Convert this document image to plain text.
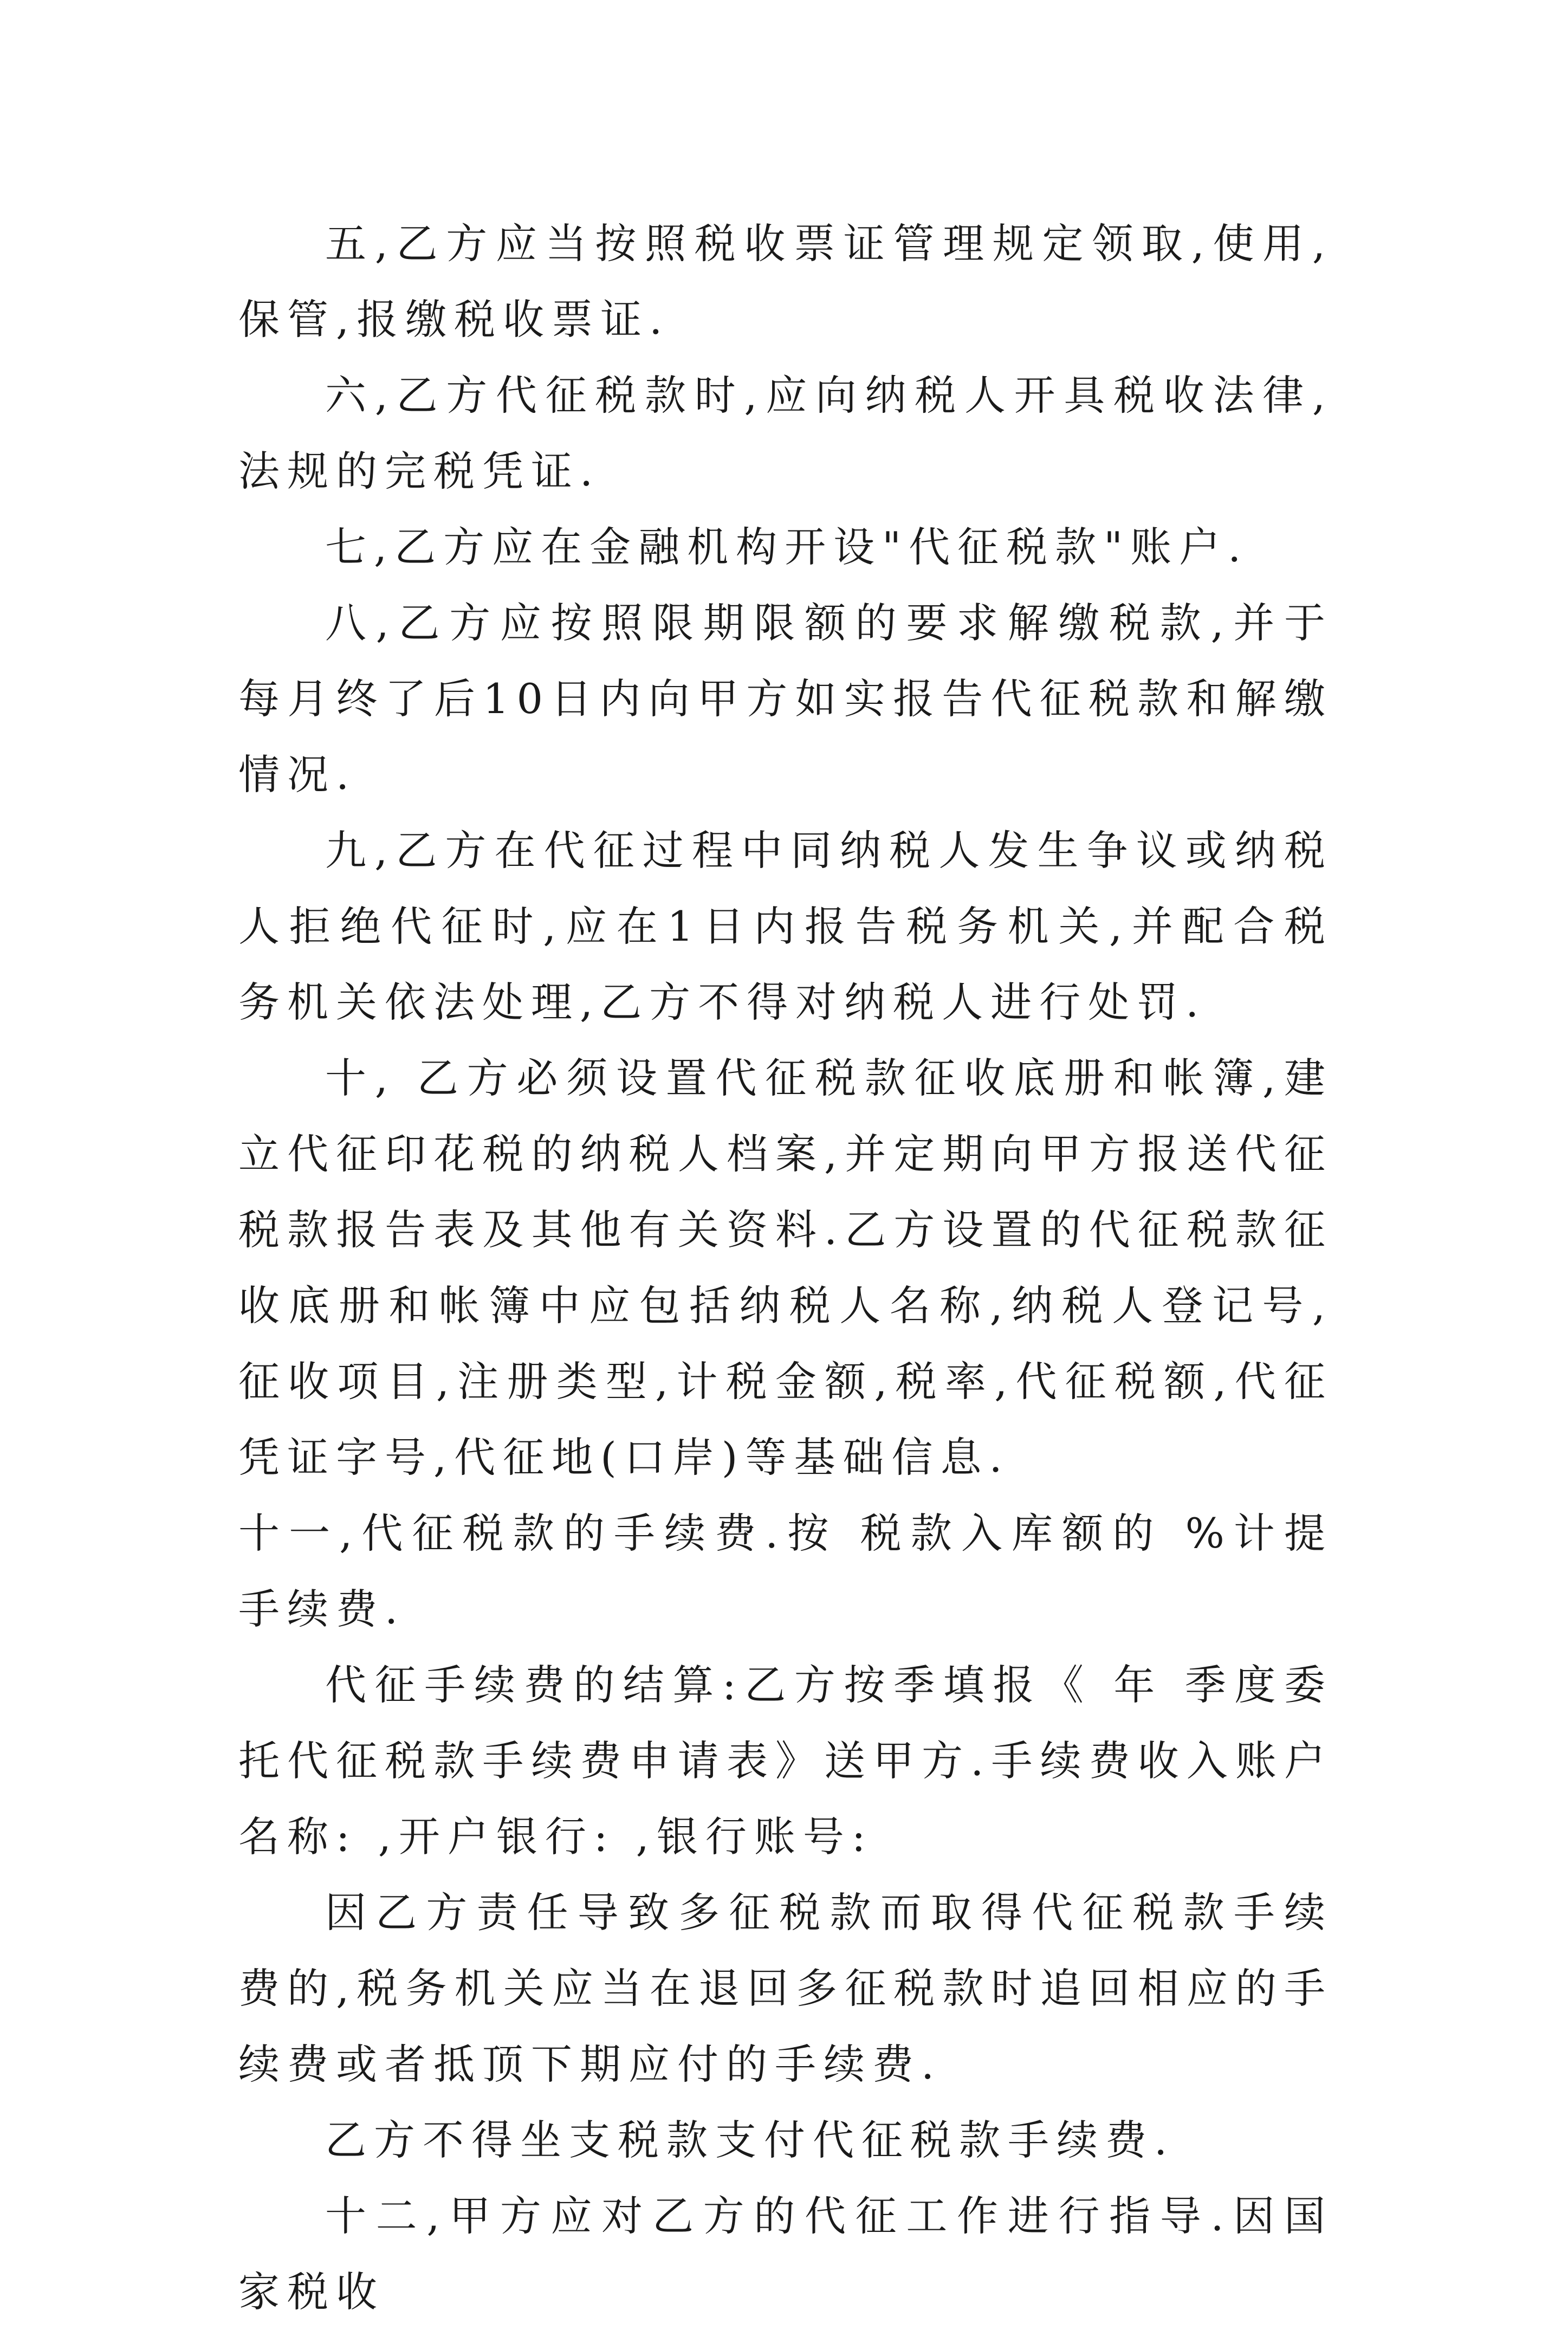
五,乙方应当按照税收票证管理规定领取,使用,保管,报缴税收票证.

六,乙方代征税款时,应向纳税人开具税收法律,法规的完税凭证.

七,乙方应在金融机构开设"代征税款"账户.

八,乙方应按照限期限额的要求解缴税款,并于每月终了后10日内向甲方如实报告代征税款和解缴情况.

九,乙方在代征过程中同纳税人发生争议或纳税人拒绝代征时,应在1日内报告税务机关,并配合税务机关依法处理,乙方不得对纳税人进行处罚.

十, 乙方必须设置代征税款征收底册和帐簿,建立代征印花税的纳税人档案,并定期向甲方报送代征税款报告表及其他有关资料.乙方设置的代征税款征收底册和帐簿中应包括纳税人名称,纳税人登记号,征收项目,注册类型,计税金额,税率,代征税额,代征凭证字号,代征地(口岸)等基础信息.

十一,代征税款的手续费.按 税款入库额的 %计提手续费.

代征手续费的结算:乙方按季填报《 年 季度委托代征税款手续费申请表》送甲方.手续费收入账户名称: ,开户银行: ,银行账号:

因乙方责任导致多征税款而取得代征税款手续费的,税务机关应当在退回多征税款时追回相应的手续费或者抵顶下期应付的手续费.

乙方不得坐支税款支付代征税款手续费.

十二,甲方应对乙方的代征工作进行指导.因国家税收
